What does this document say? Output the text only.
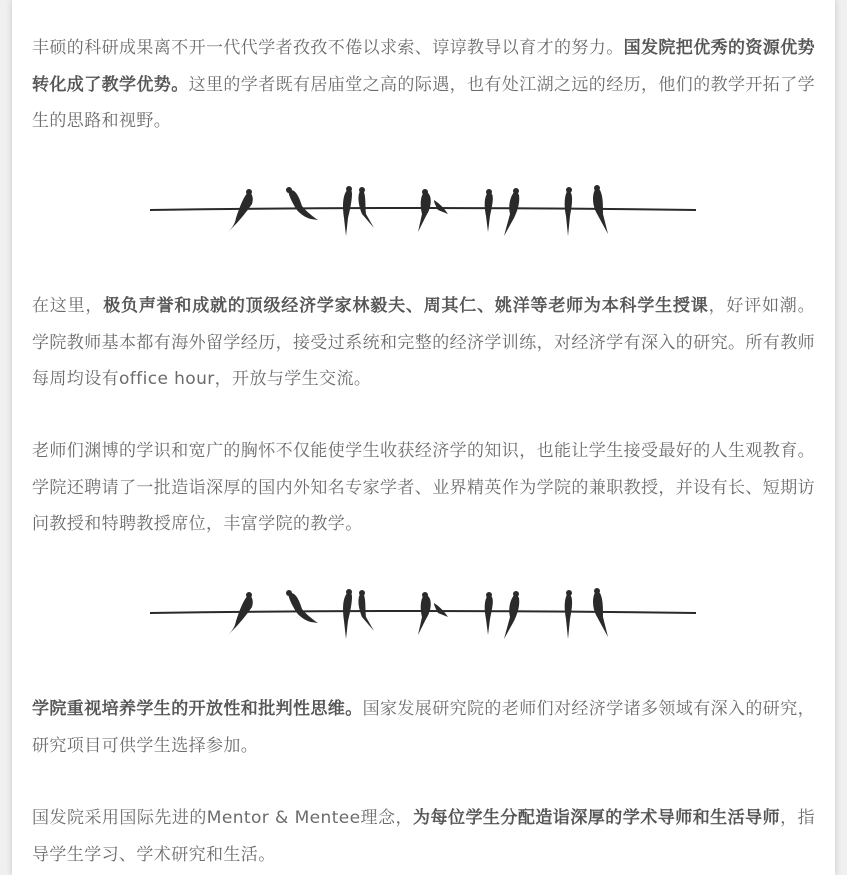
丰硕的科研成果离不开一代代学者孜孜不倦以求索、谆谆教导以育才的努力。国发院把优秀的资源优势转化成了教学优势。这里的学者既有居庙堂之高的际遇，也有处江湖之远的经历，他们的教学开拓了学生的思路和视野。

在这里，极负声誉和成就的顶级经济学家林毅夫、周其仁、姚洋等老师为本科学生授课，好评如潮。学院教师基本都有海外留学经历，接受过系统和完整的经济学训练，对经济学有深入的研究。所有教师每周均设有office hour，开放与学生交流。

老师们渊博的学识和宽广的胸怀不仅能使学生收获经济学的知识，也能让学生接受最好的人生观教育。学院还聘请了一批造诣深厚的国内外知名专家学者、业界精英作为学院的兼职教授，并设有长、短期访问教授和特聘教授席位，丰富学院的教学。

学院重视培养学生的开放性和批判性思维。国家发展研究院的老师们对经济学诸多领域有深入的研究，研究项目可供学生选择参加。

国发院采用国际先进的Mentor & Mentee理念，为每位学生分配造诣深厚的学术导师和生活导师，指导学生学习、学术研究和生活。
